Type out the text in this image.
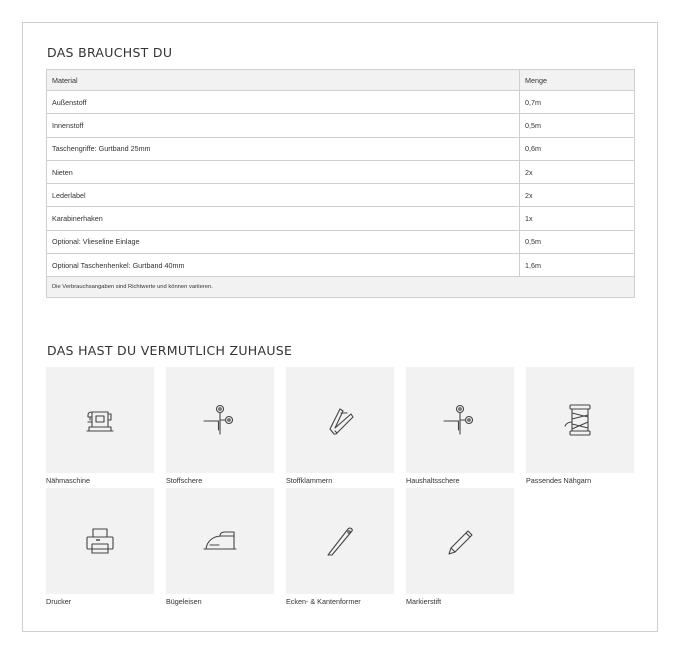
DAS BRAUCHST DU
Material	Menge
Außenstoff	0,7m
Innenstoff	0,5m
Taschengriffe: Gurtband 25mm	0,6m
Nieten	2x
Lederlabel	2x
Karabinerhaken	1x
Optional: Vlieseline Einlage	0,5m
Optional Taschenhenkel: Gurtband 40mm	1,6m
Die Verbrauchsangaben sind Richtwerte und können variieren.	
DAS HAST DU VERMUTLICH ZUHAUSE
Nähmaschine	Stoffschere	Stoffklammern	Haushaltsschere	Passendes Nähgarn
Drucker	Bügeleisen	Ecken- & Kantenformer	Markierstift
